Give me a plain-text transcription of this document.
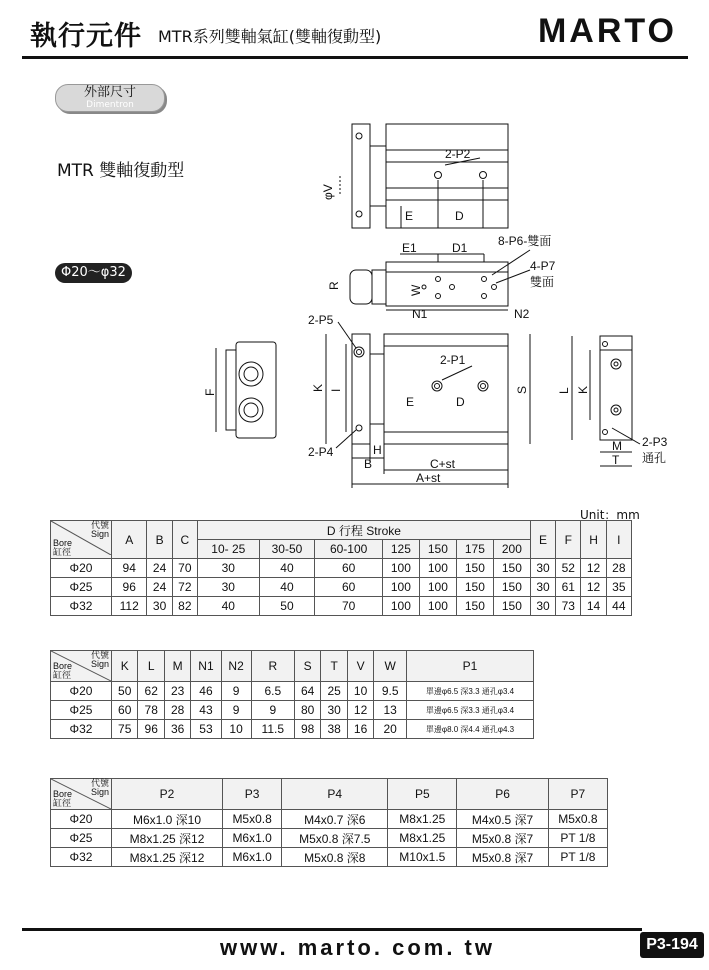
執行元件 MTR系列雙軸氣缸(雙軸復動型)	MARTO
外部尺寸
Dimentron
MTR 雙軸復動型
Φ20～φ32
2-P2
E	D
φV
E1	D1	8-P6-雙面
4-P7
雙面
R	W
N1	N2
2-P5
2-P1
F
K I
E	D
S L K
2-P4	H
B	C+st
A+st
M
T
2-P3
通孔
Unit：mm
代號
Sign
Bore
缸徑	A	B	C	D 行程 Stroke							E	F	H	I
				10- 25	30-50	60-100	125	150	175	200				
Φ20	94	24	70	30	40	60	100	100	150	150	30	52	12	28
Φ25	96	24	72	30	40	60	100	100	150	150	30	61	12	35
Φ32	112	30	82	40	50	70	100	100	150	150	30	73	14	44
代號
Sign
Bore
缸徑	K	L	M	N1	N2	R	S	T	V	W	P1
Φ20	50	62	23	46	9	6.5	64	25	10	9.5	單邊φ6.5 深3.3 通孔φ3.4
Φ25	60	78	28	43	9	9	80	30	12	13	單邊φ6.5 深3.3 通孔φ3.4
Φ32	75	96	36	53	10	11.5	98	38	16	20	單邊φ8.0 深4.4 通孔φ4.3
代號
Sign
Bore
缸徑	P2	P3	P4	P5	P6	P7
Φ20	M6x1.0 深10	M5x0.8	M4x0.7 深6	M8x1.25	M4x0.5 深7	M5x0.8
Φ25	M8x1.25 深12	M6x1.0	M5x0.8 深7.5	M8x1.25	M5x0.8 深7	PT 1/8
Φ32	M8x1.25 深12	M6x1.0	M5x0.8 深8	M10x1.5	M5x0.8 深7	PT 1/8
www. marto. com. tw	P3-194
